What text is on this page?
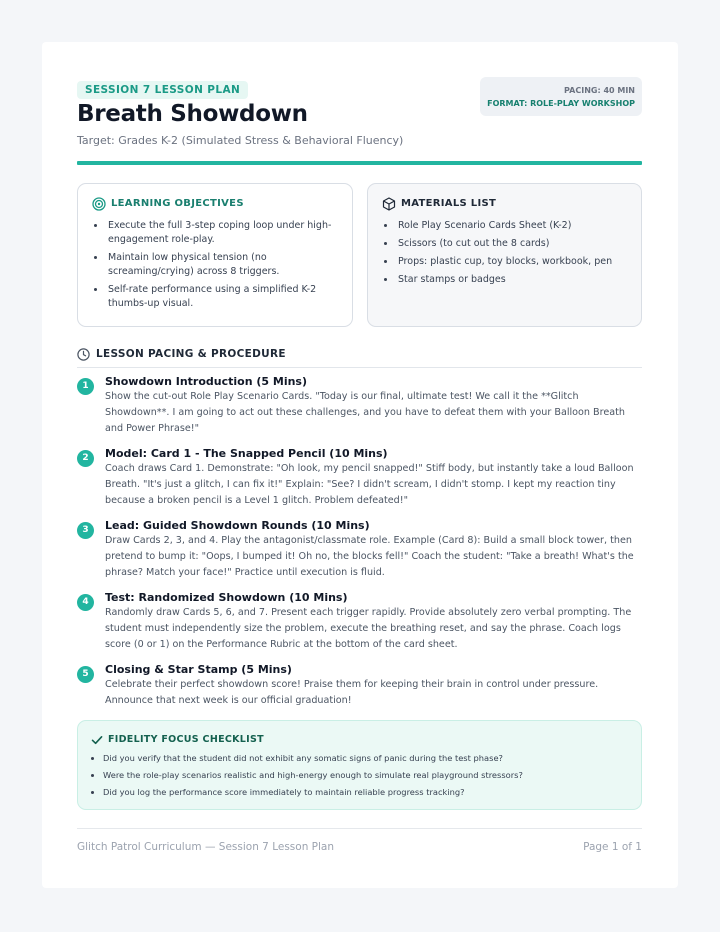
SESSION 7 LESSON PLAN
Breath Showdown
Target: Grades K-2 (Simulated Stress & Behavioral Fluency)
PACING: 40 MIN
FORMAT: ROLE-PLAY WORKSHOP
LEARNING OBJECTIVES
• Execute the full 3-step coping loop under high-engagement role-play.
• Maintain low physical tension (no screaming/crying) across 8 triggers.
• Self-rate performance using a simplified K-2 thumbs-up visual.
MATERIALS LIST
• Role Play Scenario Cards Sheet (K-2)
• Scissors (to cut out the 8 cards)
• Props: plastic cup, toy blocks, workbook, pen
• Star stamps or badges
LESSON PACING & PROCEDURE
1	Showdown Introduction (5 Mins)
Show the cut-out Role Play Scenario Cards. "Today is our final, ultimate test! We call it the **Glitch Showdown**. I am going to act out these challenges, and you have to defeat them with your Balloon Breath and Power Phrase!"
2	Model: Card 1 - The Snapped Pencil (10 Mins)
Coach draws Card 1. Demonstrate: "Oh look, my pencil snapped!" Stiff body, but instantly take a loud Balloon Breath. "It's just a glitch, I can fix it!" Explain: "See? I didn't scream, I didn't stomp. I kept my reaction tiny because a broken pencil is a Level 1 glitch. Problem defeated!"
3	Lead: Guided Showdown Rounds (10 Mins)
Draw Cards 2, 3, and 4. Play the antagonist/classmate role. Example (Card 8): Build a small block tower, then pretend to bump it: "Oops, I bumped it! Oh no, the blocks fell!" Coach the student: "Take a breath! What's the phrase? Match your face!" Practice until execution is fluid.
4	Test: Randomized Showdown (10 Mins)
Randomly draw Cards 5, 6, and 7. Present each trigger rapidly. Provide absolutely zero verbal prompting. The student must independently size the problem, execute the breathing reset, and say the phrase. Coach logs score (0 or 1) on the Performance Rubric at the bottom of the card sheet.
5	Closing & Star Stamp (5 Mins)
Celebrate their perfect showdown score! Praise them for keeping their brain in control under pressure. Announce that next week is our official graduation!
FIDELITY FOCUS CHECKLIST
• Did you verify that the student did not exhibit any somatic signs of panic during the test phase?
• Were the role-play scenarios realistic and high-energy enough to simulate real playground stressors?
• Did you log the performance score immediately to maintain reliable progress tracking?
Glitch Patrol Curriculum — Session 7 Lesson Plan	Page 1 of 1
